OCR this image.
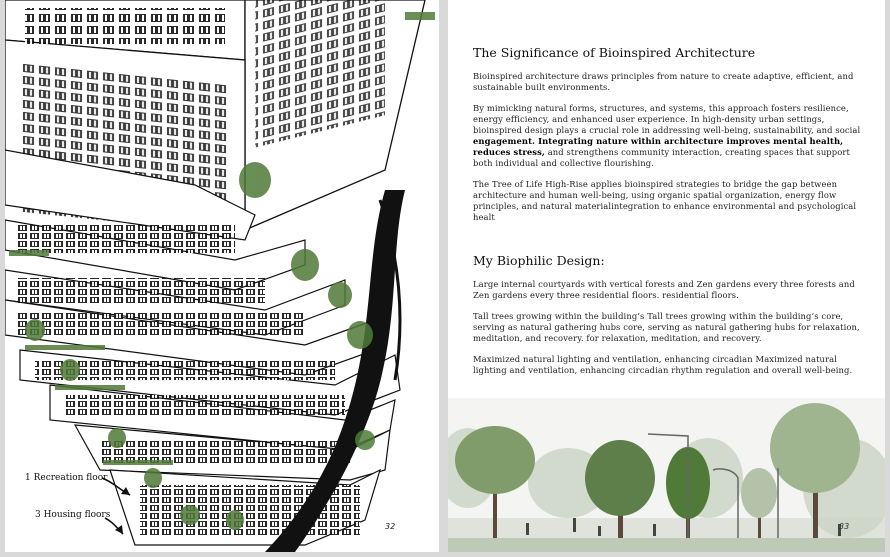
1 Recreation floor
3 Housing floors
32
The Significance of Bioinspired Architecture

Bioinspired architecture draws principles from nature to create adaptive, efficient, and sustainable built environments.

By mimicking natural forms, structures, and systems, this approach fosters resilience, energy efficiency, and enhanced user experience. In high-density urban settings, bioinspired design plays a crucial role in addressing well-being, sustainability, and social engagement. Integrating nature within architecture improves mental health, reduces stress, and strengthens community interaction, creating spaces that support both individual and collective flourishing.

The Tree of Life High-Rise applies bioinspired strategies to bridge the gap between architecture and human well-being, using organic spatial organization, energy flow principles, and natural materialintegration to enhance environmental and psychological healt

My Biophilic Design:

Large internal courtyards with vertical forests and Zen gardens every three forests and Zen gardens every three residential floors. residential floors.

Tall trees growing within the building’s Tall trees growing within the building’s core, serving as natural gathering hubs core, serving as natural gathering hubs for relaxation, meditation, and recovery. for relaxation, meditation, and recovery.

Maximized natural lighting and ventilation, enhancing circadian Maximized natural lighting and ventilation, enhancing circadian rhythm regulation and overall well-being.

33
